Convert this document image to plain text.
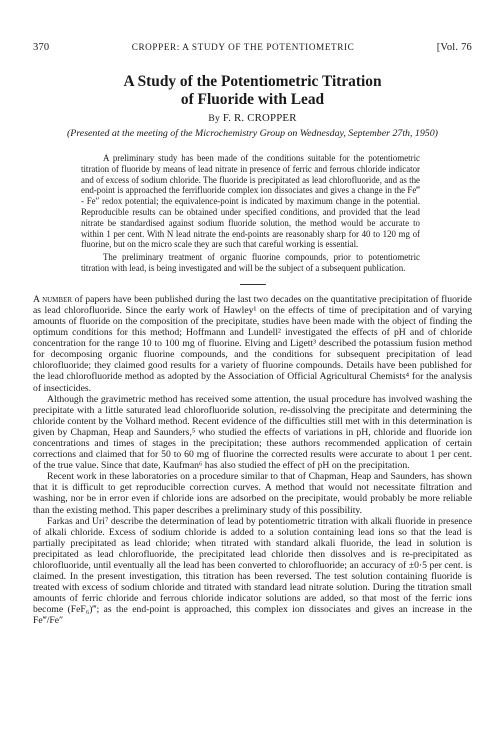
370	CROPPER: A STUDY OF THE POTENTIOMETRIC	[Vol. 76
A Study of the Potentiometric Titration
of Fluoride with Lead
By F. R. CROPPER
(Presented at the meeting of the Microchemistry Group on Wednesday, September 27th, 1950)

A preliminary study has been made of the conditions suitable for the potentiometric titration of fluoride by means of lead nitrate in presence of ferric and ferrous chloride indicator and of excess of sodium chloride. The fluoride is precipitated as lead chlorofluoride, and as the end-point is approached the ferrifluoride complex ion dissociates and gives a change in the Fe‴ - Fe″ redox potential; the equivalence-point is indicated by maximum change in the potential. Reproducible results can be obtained under specified conditions, and provided that the lead nitrate be standardised against sodium fluoride solution, the method would be accurate to within 1 per cent. With N lead nitrate the end-points are reasonably sharp for 40 to 120 mg of fluorine, but on the micro scale they are such that careful working is essential.

The preliminary treatment of organic fluorine compounds, prior to potentiometric titration with lead, is being investigated and will be the subject of a subsequent publication.

A number of papers have been published during the last two decades on the quantitative precipitation of fluoride as lead chlorofluoride. Since the early work of Hawley¹ on the effects of time of precipitation and of varying amounts of fluoride on the composition of the precipitate, studies have been made with the object of finding the optimum conditions for this method; Hoffmann and Lundell² investigated the effects of pH and of chloride concentration for the range 10 to 100 mg of fluorine. Elving and Ligett³ described the potassium fusion method for decomposing organic fluorine compounds, and the conditions for subsequent precipitation of lead chlorofluoride; they claimed good results for a variety of fluorine compounds. Details have been published for the lead chlorofluoride method as adopted by the Association of Official Agricultural Chemists⁴ for the analysis of insecticides.

Although the gravimetric method has received some attention, the usual procedure has involved washing the precipitate with a little saturated lead chlorofluoride solution, re-dissolving the precipitate and determining the chloride content by the Volhard method. Recent evidence of the difficulties still met with in this determination is given by Chapman, Heap and Saunders,⁵ who studied the effects of variations in pH, chloride and fluoride ion concentrations and times of stages in the precipitation; these authors recommended application of certain corrections and claimed that for 50 to 60 mg of fluorine the corrected results were accurate to about 1 per cent. of the true value. Since that date, Kaufman⁶ has also studied the effect of pH on the precipitation.

Recent work in these laboratories on a procedure similar to that of Chapman, Heap and Saunders, has shown that it is difficult to get reproducible correction curves. A method that would not necessitate filtration and washing, nor be in error even if chloride ions are adsorbed on the precipitate, would probably be more reliable than the existing method. This paper describes a preliminary study of this possibility.

Farkas and Uri⁷ describe the determination of lead by potentiometric titration with alkali fluoride in presence of alkali chloride. Excess of sodium chloride is added to a solution containing lead ions so that the lead is partially precipitated as lead chloride; when titrated with standard alkali fluoride, the lead in solution is precipitated as lead chlorofluoride, the precipitated lead chloride then dissolves and is re-precipitated as chlorofluoride, until eventually all the lead has been converted to chlorofluoride; an accuracy of ±0·5 per cent. is claimed. In the present investigation, this titration has been reversed. The test solution containing fluoride is treated with excess of sodium chloride and titrated with standard lead nitrate solution. During the titration small amounts of ferric chloride and ferrous chloride indicator solutions are added, so that most of the ferric ions become (FeF₆)‴; as the end-point is approached, this complex ion dissociates and gives an increase in the Fe‴/Fe″
